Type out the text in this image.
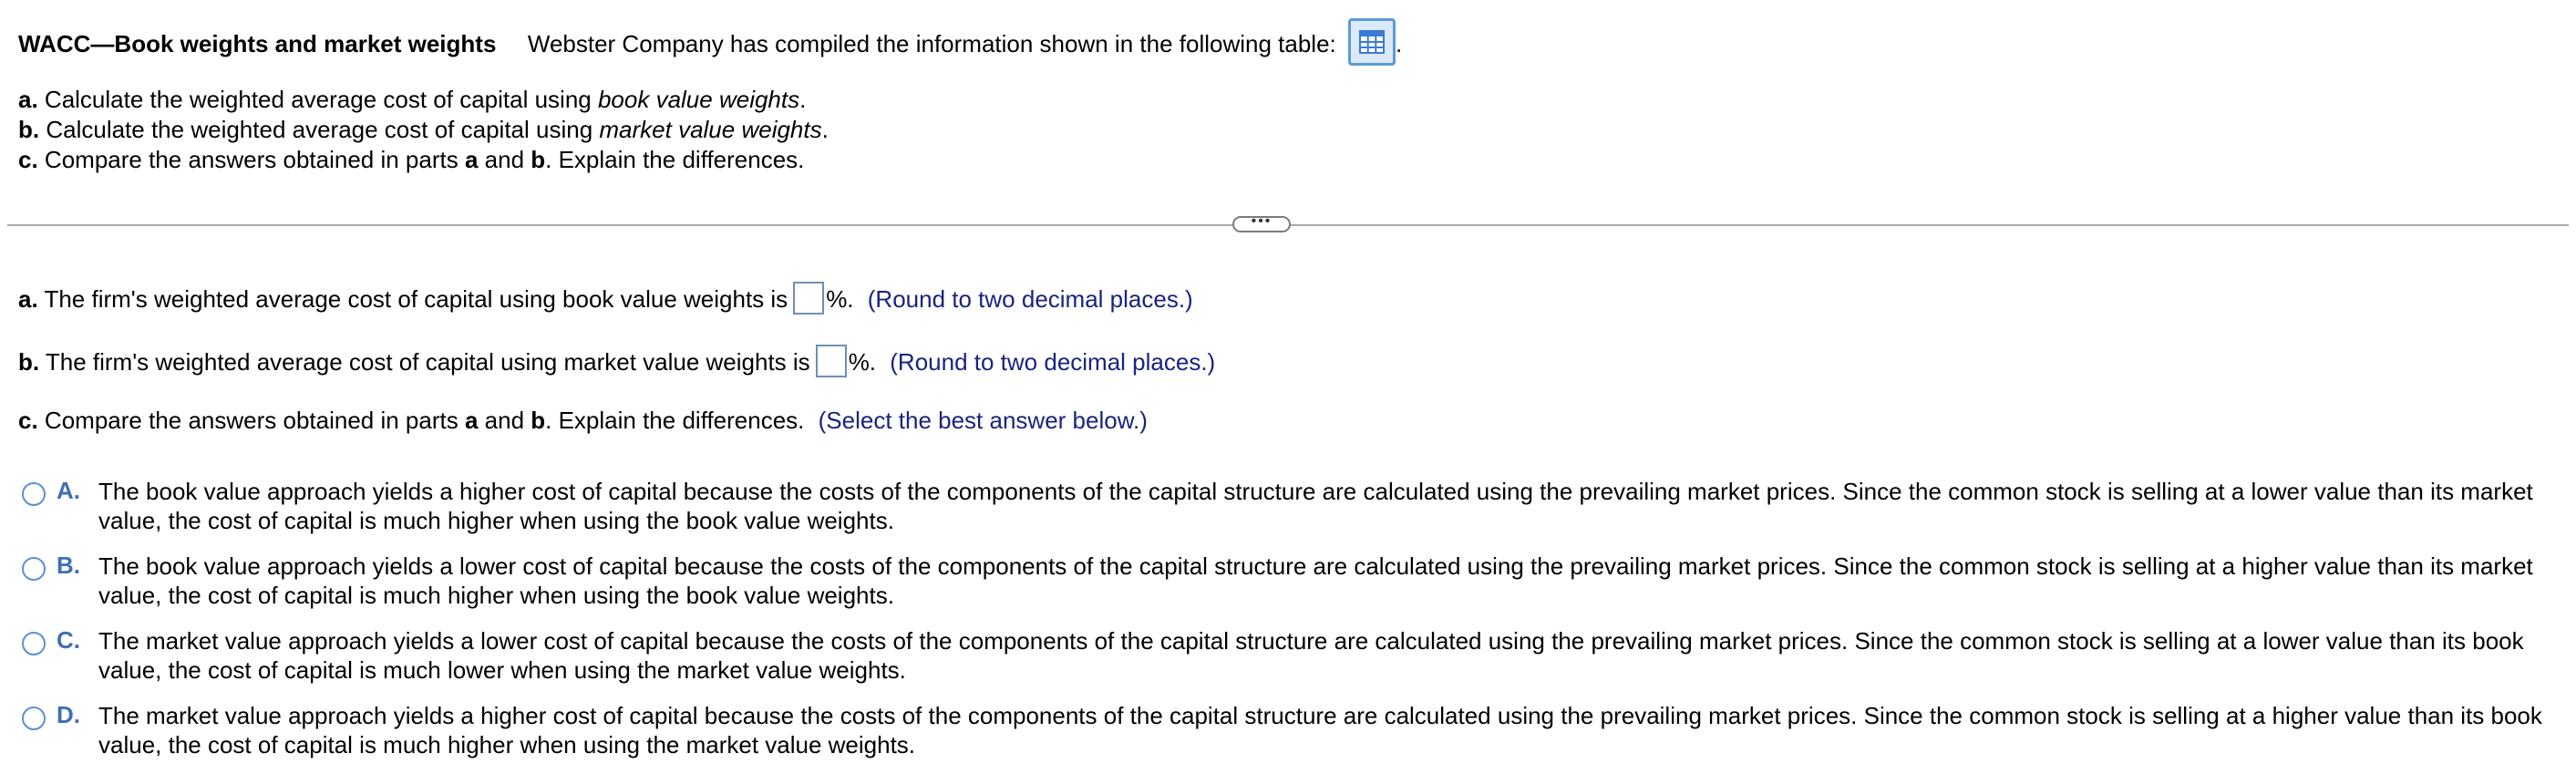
WACC—Book weights and market weights Webster Company has compiled the information shown in the following table:	.
a. Calculate the weighted average cost of capital using book value weights.
b. Calculate the weighted average cost of capital using market value weights.
c. Compare the answers obtained in parts a and b. Explain the differences.
•••
a. The firm's weighted average cost of capital using book value weights is %. (Round to two decimal places.)
b. The firm's weighted average cost of capital using market value weights is %. (Round to two decimal places.)
c. Compare the answers obtained in parts a and b. Explain the differences. (Select the best answer below.)
A. The book value approach yields a higher cost of capital because the costs of the components of the capital structure are calculated using the prevailing market prices. Since the common stock is selling at a lower value than its market value, the cost of capital is much higher when using the book value weights.
B. The book value approach yields a lower cost of capital because the costs of the components of the capital structure are calculated using the prevailing market prices. Since the common stock is selling at a higher value than its market value, the cost of capital is much higher when using the book value weights.
C. The market value approach yields a lower cost of capital because the costs of the components of the capital structure are calculated using the prevailing market prices. Since the common stock is selling at a lower value than its book value, the cost of capital is much lower when using the market value weights.
D. The market value approach yields a higher cost of capital because the costs of the components of the capital structure are calculated using the prevailing market prices. Since the common stock is selling at a higher value than its book value, the cost of capital is much higher when using the market value weights.
